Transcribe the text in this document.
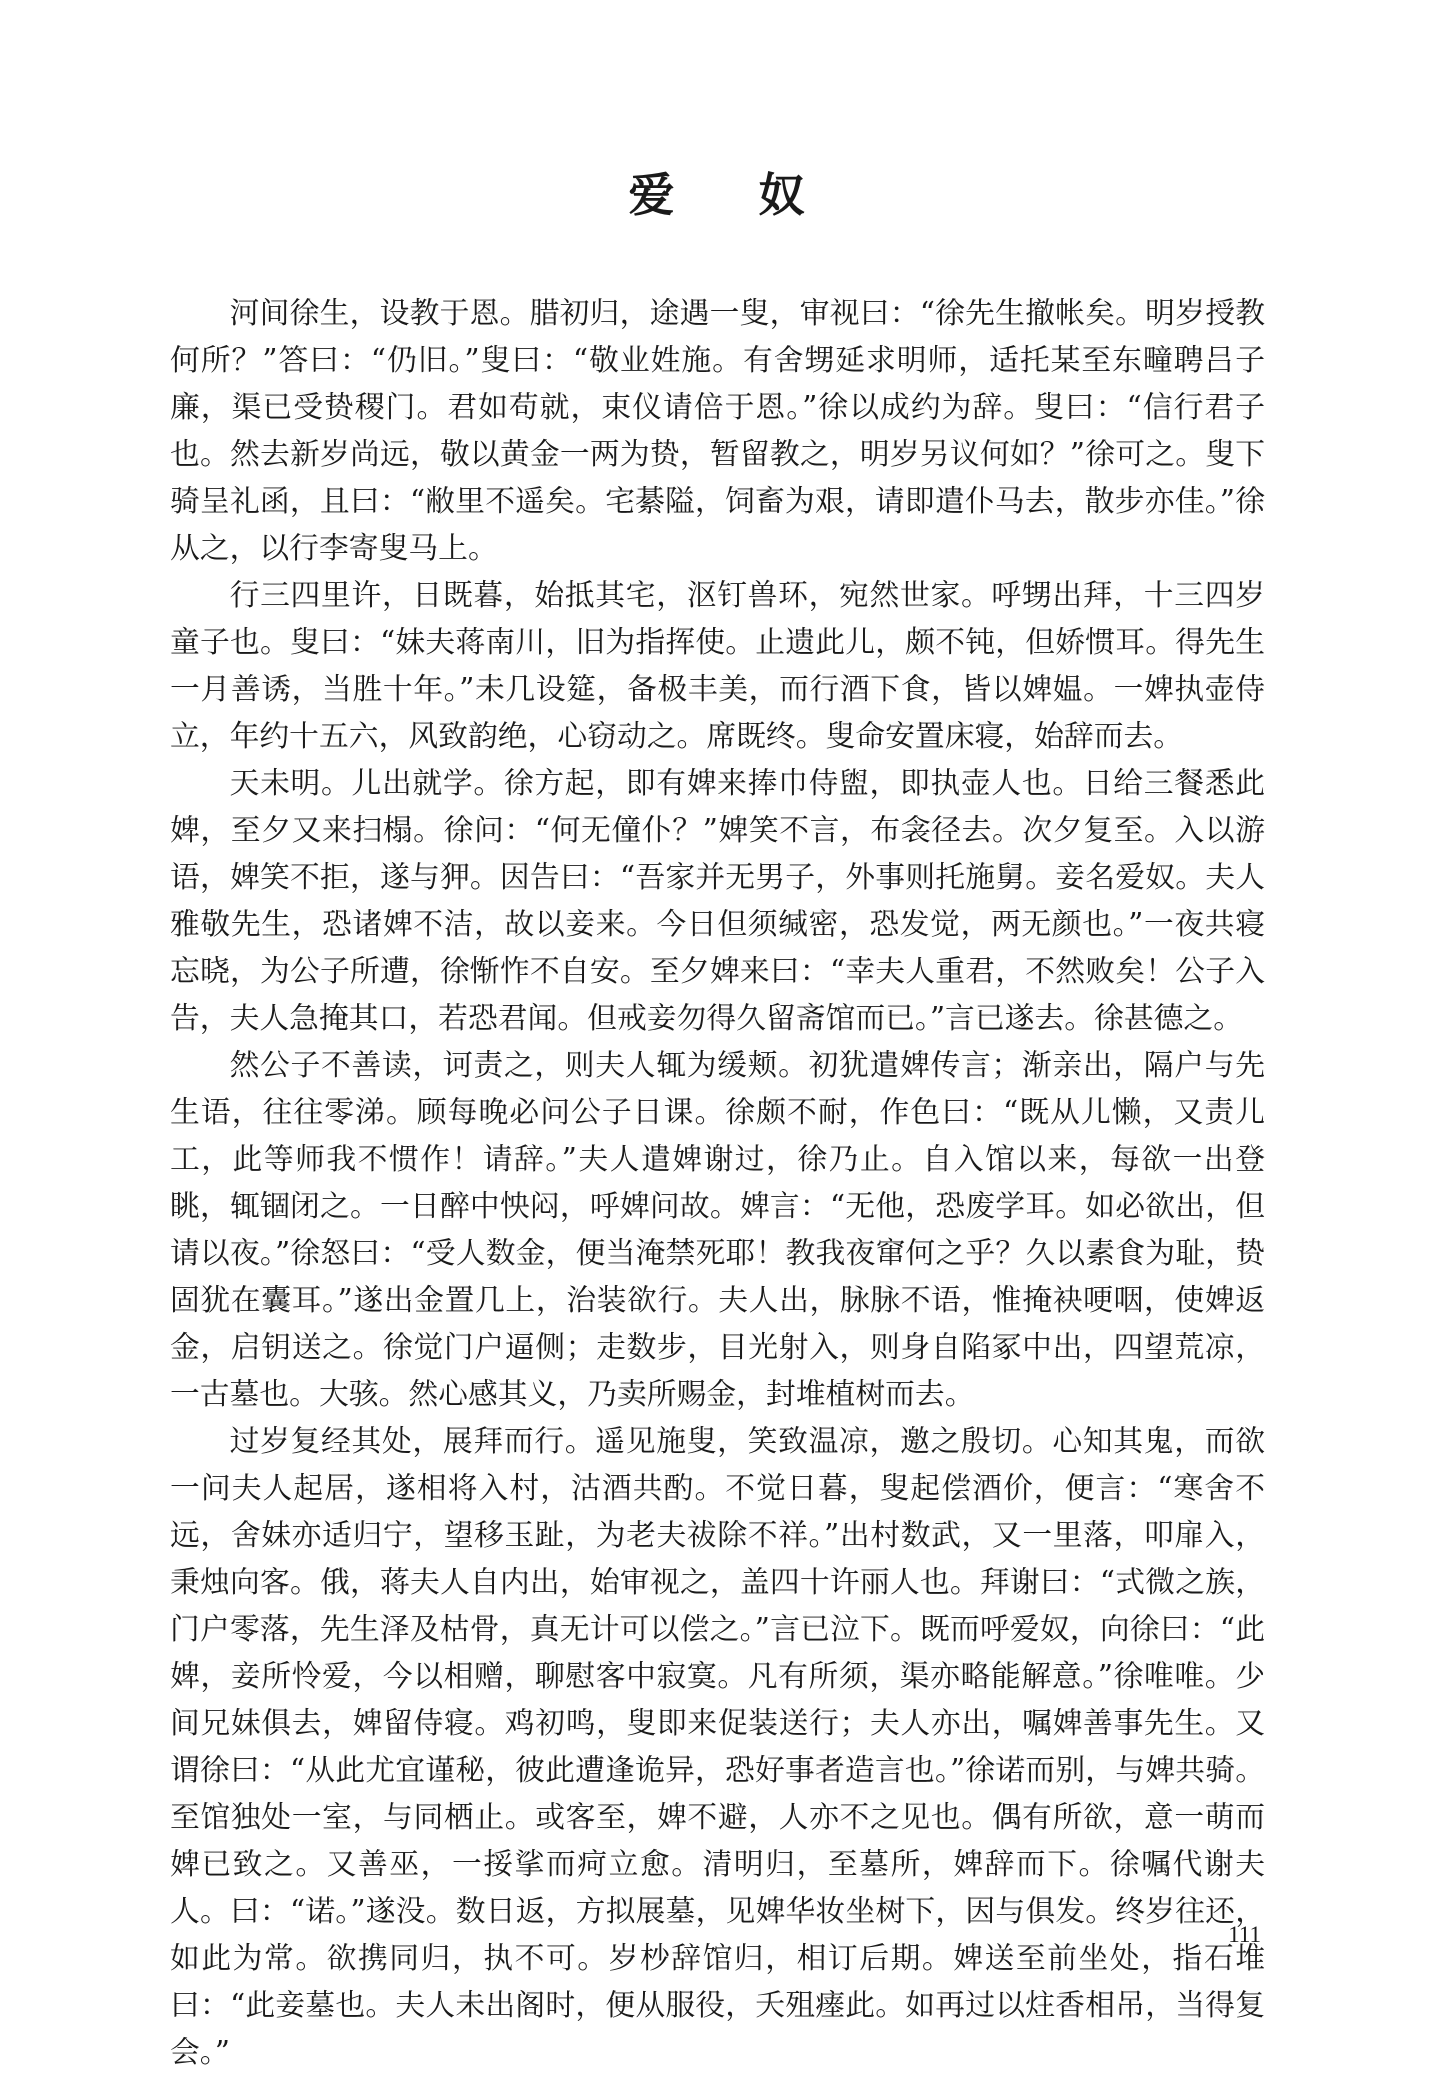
爱 奴

河间徐生，设教于恩。腊初归，途遇一叟，审视曰：“徐先生撤帐矣。明岁授教何所？”答曰：“仍旧。”叟曰：“敬业姓施。有舍甥延求明师，适托某至东疃聘吕子廉，渠已受贽稷门。君如苟就，束仪请倍于恩。”徐以成约为辞。叟曰：“信行君子也。然去新岁尚远，敬以黄金一两为贽，暂留教之，明岁另议何如？”徐可之。叟下骑呈礼函，且曰：“敝里不遥矣。宅綦隘，饲畜为艰，请即遣仆马去，散步亦佳。”徐从之，以行李寄叟马上。

行三四里许，日既暮，始抵其宅，沤钉兽环，宛然世家。呼甥出拜，十三四岁童子也。叟曰：“妹夫蒋南川，旧为指挥使。止遗此儿，颇不钝，但娇惯耳。得先生一月善诱，当胜十年。”未几设筵，备极丰美，而行酒下食，皆以婢媪。一婢执壶侍立，年约十五六，风致韵绝，心窃动之。席既终。叟命安置床寝，始辞而去。

天未明。儿出就学。徐方起，即有婢来捧巾侍盥，即执壶人也。日给三餐悉此婢，至夕又来扫榻。徐问：“何无僮仆？”婢笑不言，布衾径去。次夕复至。入以游语，婢笑不拒，遂与狎。因告曰：“吾家并无男子，外事则托施舅。妾名爱奴。夫人雅敬先生，恐诸婢不洁，故以妾来。今日但须缄密，恐发觉，两无颜也。”一夜共寝忘晓，为公子所遭，徐惭怍不自安。至夕婢来曰：“幸夫人重君，不然败矣！公子入告，夫人急掩其口，若恐君闻。但戒妾勿得久留斋馆而已。”言已遂去。徐甚德之。

然公子不善读，诃责之，则夫人辄为缓颊。初犹遣婢传言；渐亲出，隔户与先生语，往往零涕。顾每晚必问公子日课。徐颇不耐，作色曰：“既从儿懒，又责儿工，此等师我不惯作！请辞。”夫人遣婢谢过，徐乃止。自入馆以来，每欲一出登眺，辄锢闭之。一日醉中怏闷，呼婢问故。婢言：“无他，恐废学耳。如必欲出，但请以夜。”徐怒曰：“受人数金，便当淹禁死耶！教我夜窜何之乎？久以素食为耻，贽固犹在囊耳。”遂出金置几上，治装欲行。夫人出，脉脉不语，惟掩袂哽咽，使婢返金，启钥送之。徐觉门户逼侧；走数步，目光射入，则身自陷冢中出，四望荒凉，一古墓也。大骇。然心感其义，乃卖所赐金，封堆植树而去。

过岁复经其处，展拜而行。遥见施叟，笑致温凉，邀之殷切。心知其鬼，而欲一问夫人起居，遂相将入村，沽酒共酌。不觉日暮，叟起偿酒价，便言：“寒舍不远，舍妹亦适归宁，望移玉趾，为老夫祓除不祥。”出村数武，又一里落，叩扉入，秉烛向客。俄，蒋夫人自内出，始审视之，盖四十许丽人也。拜谢曰：“式微之族，门户零落，先生泽及枯骨，真无计可以偿之。”言已泣下。既而呼爱奴，向徐曰：“此婢，妾所怜爱，今以相赠，聊慰客中寂寞。凡有所须，渠亦略能解意。”徐唯唯。少间兄妹俱去，婢留侍寝。鸡初鸣，叟即来促装送行；夫人亦出，嘱婢善事先生。又谓徐曰：“从此尤宜谨秘，彼此遭逢诡异，恐好事者造言也。”徐诺而别，与婢共骑。至馆独处一室，与同栖止。或客至，婢不避，人亦不之见也。偶有所欲，意一萌而婢已致之。又善巫，一挼挲而疴立愈。清明归，至墓所，婢辞而下。徐嘱代谢夫人。曰：“诺。”遂没。数日返，方拟展墓，见婢华妆坐树下，因与俱发。终岁往还，如此为常。欲携同归，执不可。岁杪辞馆归，相订后期。婢送至前坐处，指石堆曰：“此妾墓也。夫人未出阁时，便从服役，夭殂瘗此。如再过以炷香相吊，当得复会。”

111
